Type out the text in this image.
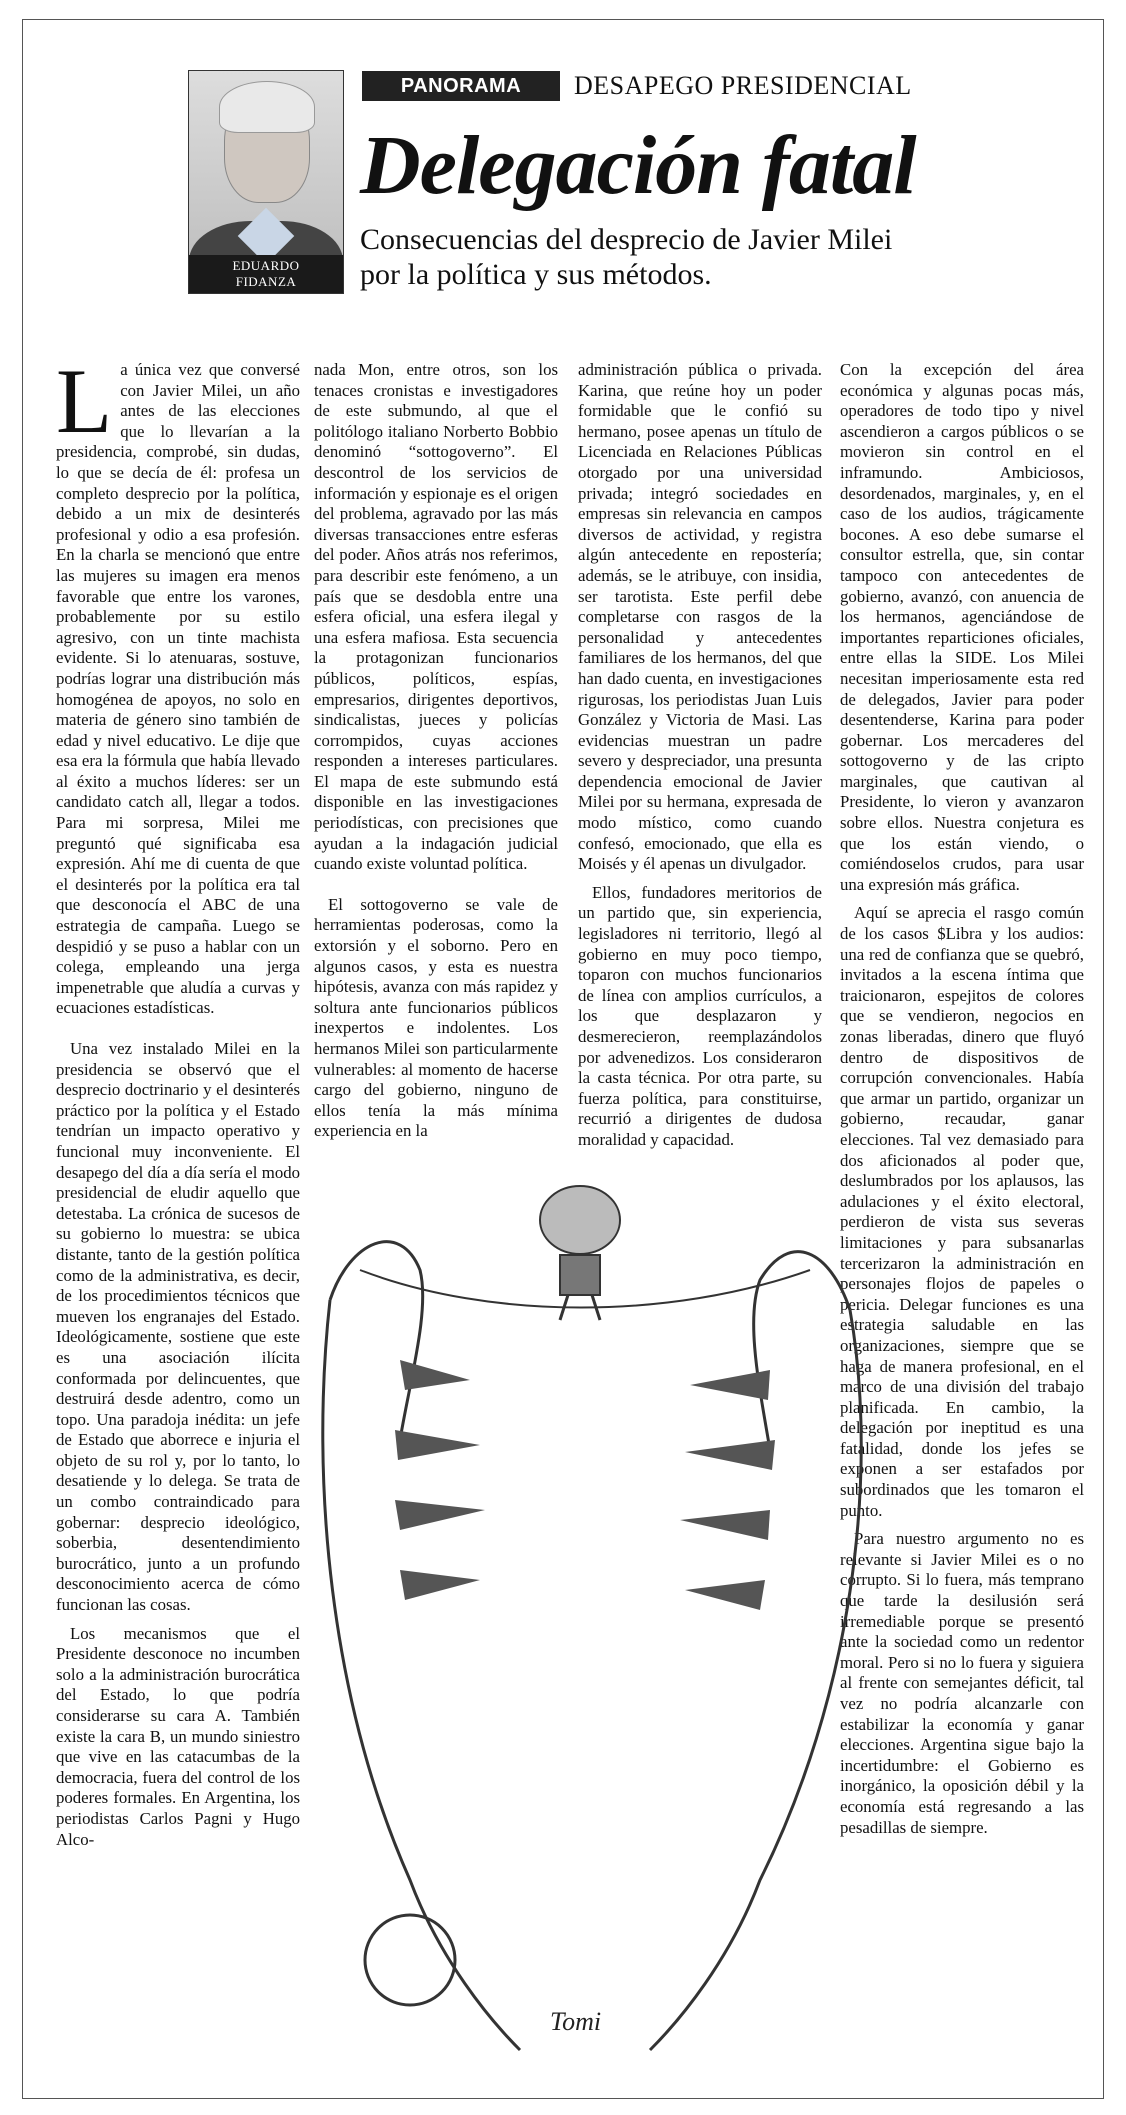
EDUARDO
FIDANZA
PANORAMA	DESAPEGO PRESIDENCIAL
Delegación fatal
Consecuencias del desprecio de Javier Milei por la política y sus métodos.

La única vez que conversé con Javier Milei, un año antes de las elecciones que lo llevarían a la presidencia, comprobé, sin dudas, lo que se decía de él: profesa un completo desprecio por la política, debido a un mix de desinterés profesional y odio a esa profesión. En la charla se mencionó que entre las mujeres su imagen era menos favorable que entre los varones, probablemente por su estilo agresivo, con un tinte machista evidente. Si lo atenuaras, sostuve, podrías lograr una distribución más homogénea de apoyos, no solo en materia de género sino también de edad y nivel educativo. Le dije que esa era la fórmula que había llevado al éxito a muchos líderes: ser un candidato catch all, llegar a todos. Para mi sorpresa, Milei me preguntó qué significaba esa expresión. Ahí me di cuenta de que el desinterés por la política era tal que desconocía el ABC de una estrategia de campaña. Luego se despidió y se puso a hablar con un colega, empleando una jerga impenetrable que aludía a curvas y ecuaciones estadísticas.

Una vez instalado Milei en la presidencia se observó que el desprecio doctrinario y el desinterés práctico por la política y el Estado tendrían un impacto operativo y funcional muy inconveniente. El desapego del día a día sería el modo presidencial de eludir aquello que detestaba. La crónica de sucesos de su gobierno lo muestra: se ubica distante, tanto de la gestión política como de la administrativa, es decir, de los procedimientos técnicos que mueven los engranajes del Estado. Ideológicamente, sostiene que este es una asociación ilícita conformada por delincuentes, que destruirá desde adentro, como un topo. Una paradoja inédita: un jefe de Estado que aborrece e injuria el objeto de su rol y, por lo tanto, lo desatiende y lo delega. Se trata de un combo contraindicado para gobernar: desprecio ideológico, soberbia, desentendimiento burocrático, junto a un profundo desconocimiento acerca de cómo funcionan las cosas.

Los mecanismos que el Presidente desconoce no incumben solo a la administración burocrática del Estado, lo que podría considerarse su cara A. También existe la cara B, un mundo siniestro que vive en las catacumbas de la democracia, fuera del control de los poderes formales. En Argentina, los periodistas Carlos Pagni y Hugo Alco-

nada Mon, entre otros, son los tenaces cronistas e investigadores de este submundo, al que el politólogo italiano Norberto Bobbio denominó “sottogoverno”. El descontrol de los servicios de información y espionaje es el origen del problema, agravado por las más diversas transacciones entre esferas del poder. Años atrás nos referimos, para describir este fenómeno, a un país que se desdobla entre una esfera oficial, una esfera ilegal y una esfera mafiosa. Esta secuencia la protagonizan funcionarios públicos, políticos, espías, empresarios, dirigentes deportivos, sindicalistas, jueces y policías corrompidos, cuyas acciones responden a intereses particulares. El mapa de este submundo está disponible en las investigaciones periodísticas, con precisiones que ayudan a la indagación judicial cuando existe voluntad política.

El sottogoverno se vale de herramientas poderosas, como la extorsión y el soborno. Pero en algunos casos, y esta es nuestra hipótesis, avanza con más rapidez y soltura ante funcionarios públicos inexpertos e indolentes. Los hermanos Milei son particularmente vulnerables: al momento de hacerse cargo del gobierno, ninguno de ellos tenía la más mínima experiencia en la

administración pública o privada. Karina, que reúne hoy un poder formidable que le confió su hermano, posee apenas un título de Licenciada en Relaciones Públicas otorgado por una universidad privada; integró sociedades en empresas sin relevancia en campos diversos de actividad, y registra algún antecedente en repostería; además, se le atribuye, con insidia, ser tarotista. Este perfil debe completarse con rasgos de la personalidad y antecedentes familiares de los hermanos, del que han dado cuenta, en investigaciones rigurosas, los periodistas Juan Luis González y Victoria de Masi. Las evidencias muestran un padre severo y despreciador, una presunta dependencia emocional de Javier Milei por su hermana, expresada de modo místico, como cuando confesó, emocionado, que ella es Moisés y él apenas un divulgador.

Ellos, fundadores meritorios de un partido que, sin experiencia, legisladores ni territorio, llegó al gobierno en muy poco tiempo, toparon con muchos funcionarios de línea con amplios currículos, a los que desplazaron y desmerecieron, reemplazándolos por advenedizos. Los consideraron la casta técnica. Por otra parte, su fuerza política, para constituirse, recurrió a dirigentes de dudosa moralidad y capacidad.

Con la excepción del área económica y algunas pocas más, operadores de todo tipo y nivel ascendieron a cargos públicos o se movieron sin control en el inframundo. Ambiciosos, desordenados, marginales, y, en el caso de los audios, trágicamente bocones. A eso debe sumarse el consultor estrella, que, sin contar tampoco con antecedentes de gobierno, avanzó, con anuencia de los hermanos, agenciándose de importantes reparticiones oficiales, entre ellas la SIDE. Los Milei necesitan imperiosamente esta red de delegados, Javier para poder desentenderse, Karina para poder gobernar. Los mercaderes del sottogoverno y de las cripto marginales, que cautivan al Presidente, lo vieron y avanzaron sobre ellos. Nuestra conjetura es que los están viendo, o comiéndoselos crudos, para usar una expresión más gráfica.

Aquí se aprecia el rasgo común de los casos $Libra y los audios: una red de confianza que se quebró, invitados a la escena íntima que traicionaron, espejitos de colores que se vendieron, negocios en zonas liberadas, dinero que fluyó dentro de dispositivos de corrupción convencionales. Había que armar un partido, organizar un gobierno, recaudar, ganar elecciones. Tal vez demasiado para dos aficionados al poder que, deslumbrados por los aplausos, las adulaciones y el éxito electoral, perdieron de vista sus severas limitaciones y para subsanarlas tercerizaron la administración en personajes flojos de papeles o pericia. Delegar funciones es una estrategia saludable en las organizaciones, siempre que se haga de manera profesional, en el marco de una división del trabajo planificada. En cambio, la delegación por ineptitud es una fatalidad, donde los jefes se exponen a ser estafados por subordinados que les tomaron el punto.

Para nuestro argumento no es relevante si Javier Milei es o no corrupto. Si lo fuera, más temprano que tarde la desilusión será irremediable porque se presentó ante la sociedad como un redentor moral. Pero si no lo fuera y siguiera al frente con semejantes déficit, tal vez no podría alcanzarle con estabilizar la economía y ganar elecciones. Argentina sigue bajo la incertidumbre: el Gobierno es inorgánico, la oposición débil y la economía está regresando a las pesadillas de siempre.

Tomi
